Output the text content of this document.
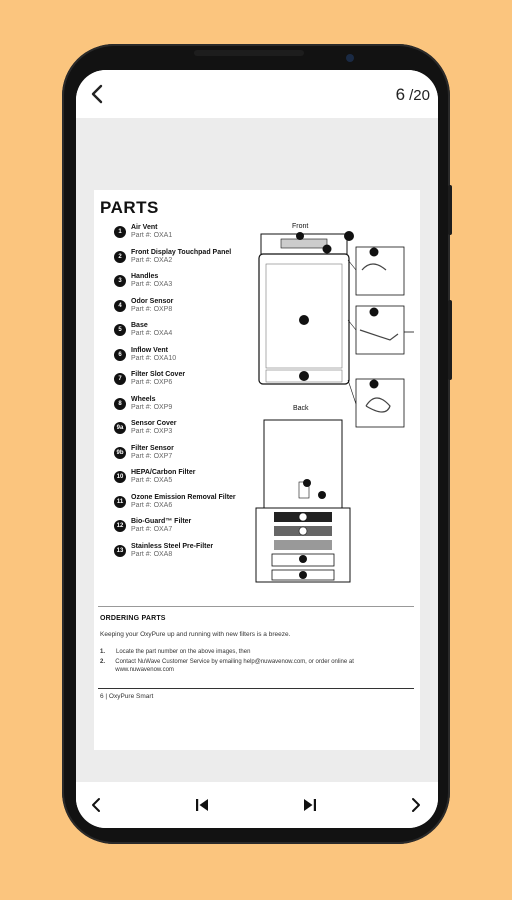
6 /20
PARTS
1
Air Vent
Part #: OXA1
2
Front Display Touchpad Panel
Part #: OXA2
3
Handles
Part #: OXA3
4
Odor Sensor
Part #: OXP8
5
Base
Part #: OXA4
6
Inflow Vent
Part #: OXA10
7
Filter Slot Cover
Part #: OXP6
8
Wheels
Part #: OXP9
9a
Sensor Cover
Part #: OXP3
9b
Filter Sensor
Part #: OXP7
10
HEPA/Carbon Filter
Part #: OXA5
11
Ozone Emission Removal Filter
Part #: OXA6
12
Bio-Guard™ Filter
Part #: OXA7
13
Stainless Steel Pre-Filter
Part #: OXA8
Front
Back
ORDERING PARTS
Keeping your OxyPure up and running with new filters is a breeze.
1.	Locate the part number on the above images, then
2.	Contact NuWave Customer Service by emailing help@nuwavenow.com, or order online at www.nuwavenow.com
6 | OxyPure Smart
